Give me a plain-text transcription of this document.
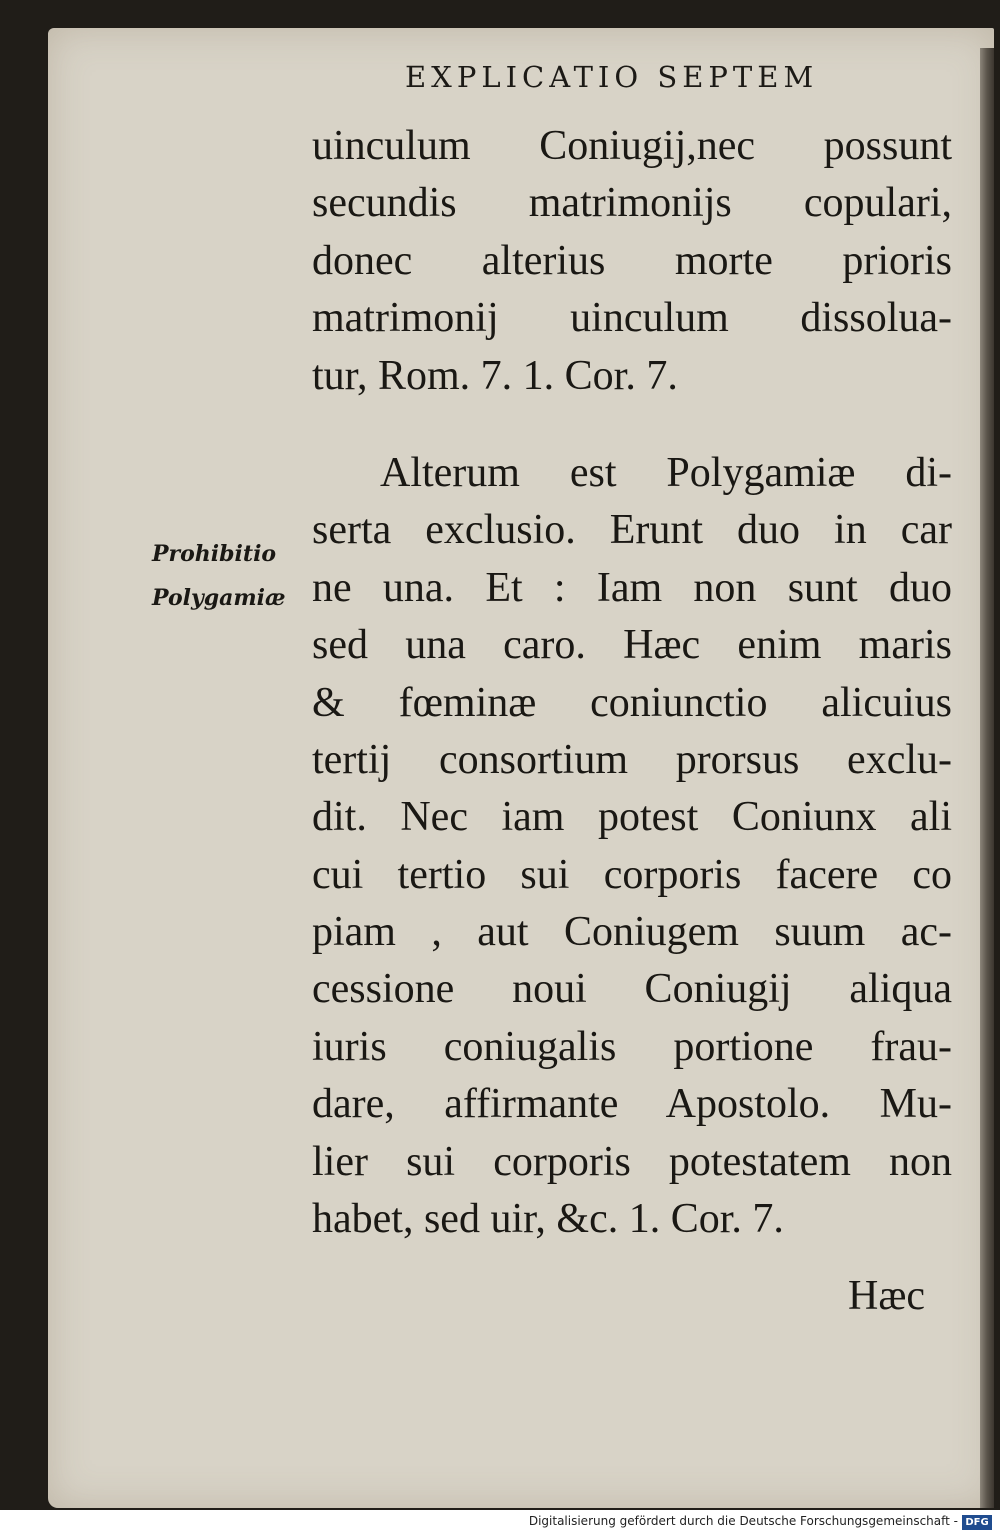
EXPLICATIO SEPTEM
Prohibitio
Polygamiæ
uinculum Coniugij,nec possunt
secundis matrimonijs copulari,
donec alterius morte prioris
matrimonij uinculum dissolua-
tur, Rom. 7. 1. Cor. 7.
Alterum est Polygamiæ di-
serta exclusio. Erunt duo in car
ne una. Et : Iam non sunt duo
sed una caro. Hæc enim maris
& fœminæ coniunctio alicuius
tertij consortium prorsus exclu-
dit. Nec iam potest Coniunx ali
cui tertio sui corporis facere co
piam , aut Coniugem suum ac-
cessione noui Coniugij aliqua
iuris coniugalis portione frau-
dare, affirmante Apostolo. Mu-
lier sui corporis potestatem non
habet, sed uir, &c. 1. Cor. 7.
Hæc
Digitalisierung gefördert durch die Deutsche Forschungsgemeinschaft - DFG
